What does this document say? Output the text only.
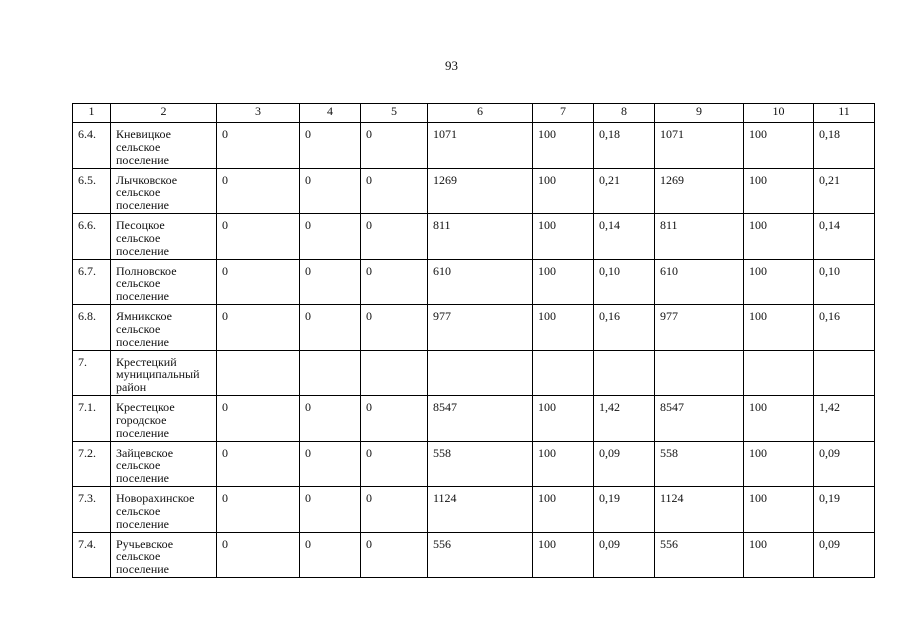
93
1	2	3	4	5	6	7	8	9	10	11
6.4.	Кневицкое
сельское
поселение	0	0	0	1071	100	0,18	1071	100	0,18
6.5.	Лычковское
сельское
поселение	0	0	0	1269	100	0,21	1269	100	0,21
6.6.	Песоцкое
сельское
поселение	0	0	0	811	100	0,14	811	100	0,14
6.7.	Полновское
сельское
поселение	0	0	0	610	100	0,10	610	100	0,10
6.8.	Ямникское
сельское
поселение	0	0	0	977	100	0,16	977	100	0,16
7.	Крестецкий
муниципальный
район									
7.1.	Крестецкое
городское
поселение	0	0	0	8547	100	1,42	8547	100	1,42
7.2.	Зайцевское
сельское
поселение	0	0	0	558	100	0,09	558	100	0,09
7.3.	Новорахинское
сельское
поселение	0	0	0	1124	100	0,19	1124	100	0,19
7.4.	Ручьевское
сельское
поселение	0	0	0	556	100	0,09	556	100	0,09
